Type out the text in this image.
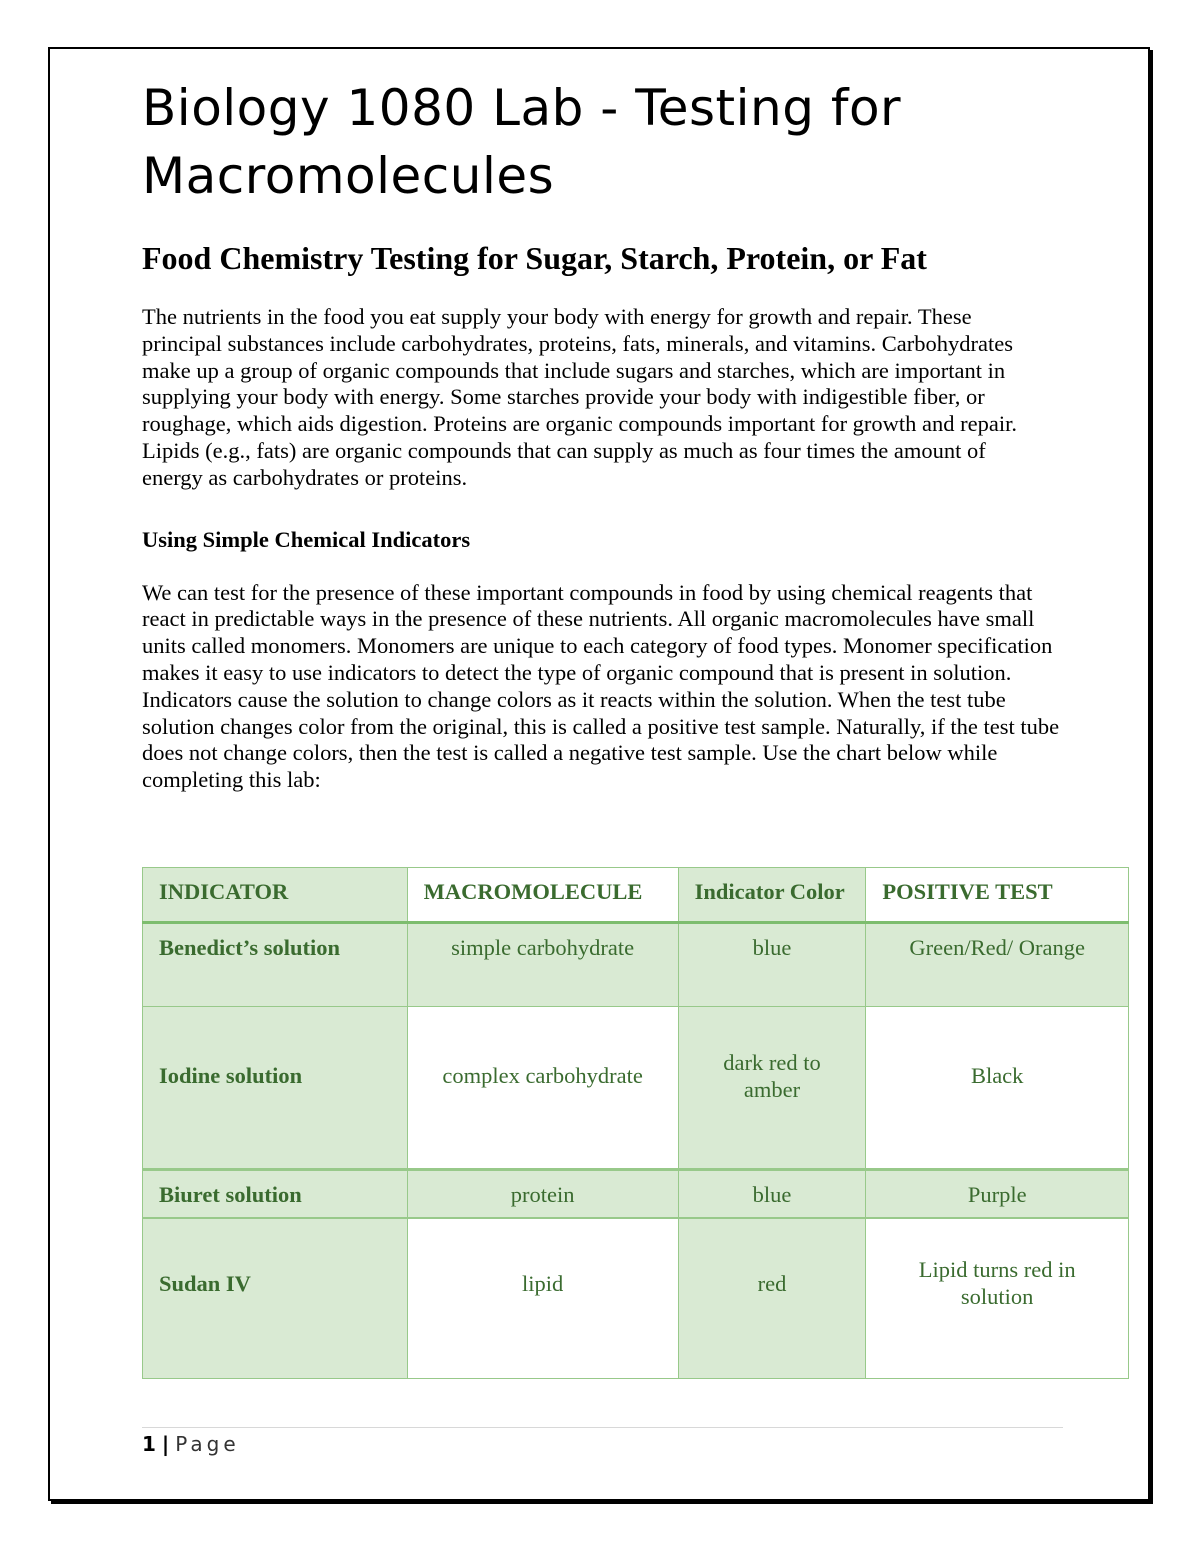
Biology 1080 Lab - Testing for Macromolecules
Food Chemistry Testing for Sugar, Starch, Protein, or Fat

The nutrients in the food you eat supply your body with energy for growth and repair. These principal substances include carbohydrates, proteins, fats, minerals, and vitamins. Carbohydrates make up a group of organic compounds that include sugars and starches, which are important in supplying your body with energy. Some starches provide your body with indigestible fiber, or roughage, which aids digestion. Proteins are organic compounds important for growth and repair. Lipids (e.g., fats) are organic compounds that can supply as much as four times the amount of energy as carbohydrates or proteins.

Using Simple Chemical Indicators

We can test for the presence of these important compounds in food by using chemical reagents that react in predictable ways in the presence of these nutrients. All organic macromolecules have small units called monomers. Monomers are unique to each category of food types. Monomer specification makes it easy to use indicators to detect the type of organic compound that is present in solution. Indicators cause the solution to change colors as it reacts within the solution. When the test tube solution changes color from the original, this is called a positive test sample. Naturally, if the test tube does not change colors, then the test is called a negative test sample. Use the chart below while completing this lab:

INDICATOR	MACROMOLECULE	Indicator Color	POSITIVE TEST
Benedict’s solution	simple carbohydrate	blue	Green/Red/ Orange
Iodine solution	complex carbohydrate	dark red to amber	Black
Biuret solution	protein	blue	Purple
Sudan IV	lipid	red	Lipid turns red in solution
1 | Page
